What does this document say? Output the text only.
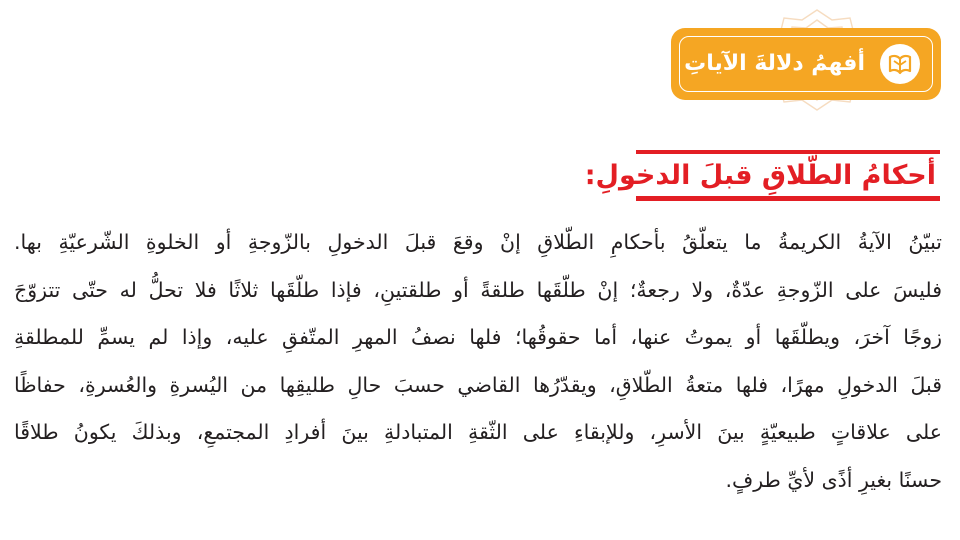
أفهمُ دلالةَ الآياتِ
أحكامُ الطّلاقِ قبلَ الدخولِ:
تبيّنُ الآيةُ الكريمةُ ما يتعلّقُ بأحكامِ الطّلاقِ إنْ وقعَ قبلَ الدخولِ بالزّوجةِ أو الخلوةِ الشّرعيّةِ بها.
فليسَ على الزّوجةِ عدّةٌ، ولا رجعةٌ؛ إنْ طلّقَها طلقةً أو طلقتينِ، فإذا طلّقَها ثلاثًا فلا تحلُّ له حتّى تتزوّجَ
زوجًا آخرَ، ويطلّقَها أو يموتُ عنها، أما حقوقُها؛ فلها نصفُ المهرِ المتّفقِ عليه، وإذا لم يسمِّ للمطلقةِ
قبلَ الدخولِ مهرًا، فلها متعةُ الطّلاقِ، ويقدّرُها القاضي حسبَ حالِ طليقِها من اليُسرةِ والعُسرةِ، حفاظًا
على علاقاتٍ طبيعيّةٍ بينَ الأسرِ، وللإبقاءِ على الثّقةِ المتبادلةِ بينَ أفرادِ المجتمعِ، وبذلكَ يكونُ طلاقًا
حسنًا بغيرِ أذًى لأيِّ طرفٍ.
